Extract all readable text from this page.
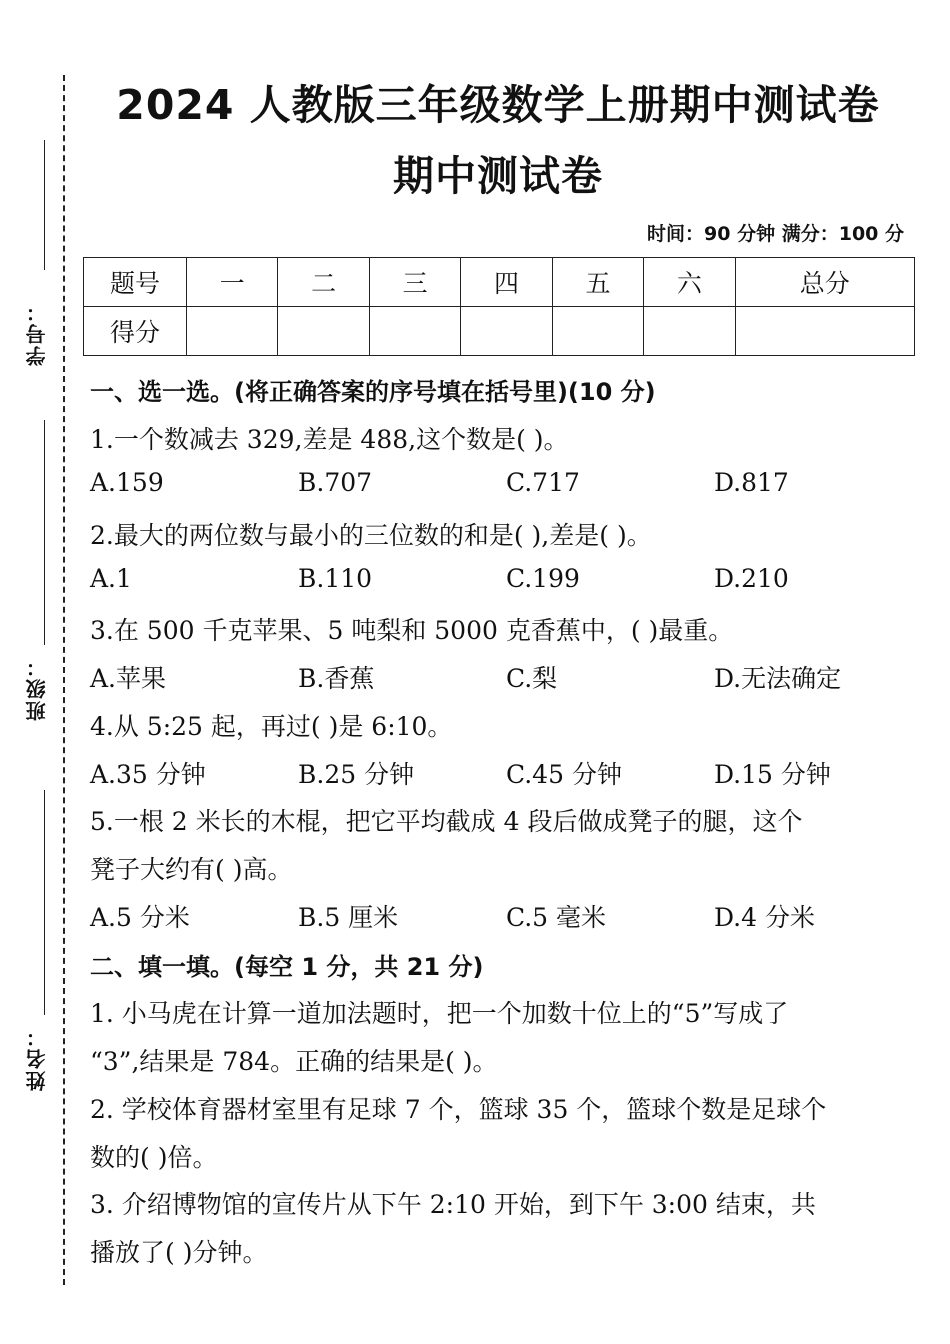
学号：
班级：
姓名：
2024 人教版三年级数学上册期中测试卷
期中测试卷
时间：90 分钟 满分：100 分
题号	一	二	三	四	五	六	总分
得分							
一、选一选。(将正确答案的序号填在括号里)(10 分)
1.一个数减去 329,差是 488,这个数是( )。
A.159	B.707	C.717	D.817
2.最大的两位数与最小的三位数的和是( ),差是( )。
A.1	B.110	C.199	D.210
3.在 500 千克苹果、5 吨梨和 5000 克香蕉中，( )最重。
A.苹果	B.香蕉	C.梨	D.无法确定
4.从 5:25 起，再过( )是 6:10。
A.35 分钟	B.25 分钟	C.45 分钟	D.15 分钟
5.一根 2 米长的木棍，把它平均截成 4 段后做成凳子的腿，这个
凳子大约有( )高。
A.5 分米	B.5 厘米	C.5 毫米	D.4 分米
二、填一填。(每空 1 分，共 21 分)
1. 小马虎在计算一道加法题时，把一个加数十位上的“5”写成了
“3”,结果是 784。正确的结果是( )。
2. 学校体育器材室里有足球 7 个，篮球 35 个，篮球个数是足球个
数的( )倍。
3. 介绍博物馆的宣传片从下午 2:10 开始，到下午 3:00 结束，共
播放了( )分钟。
